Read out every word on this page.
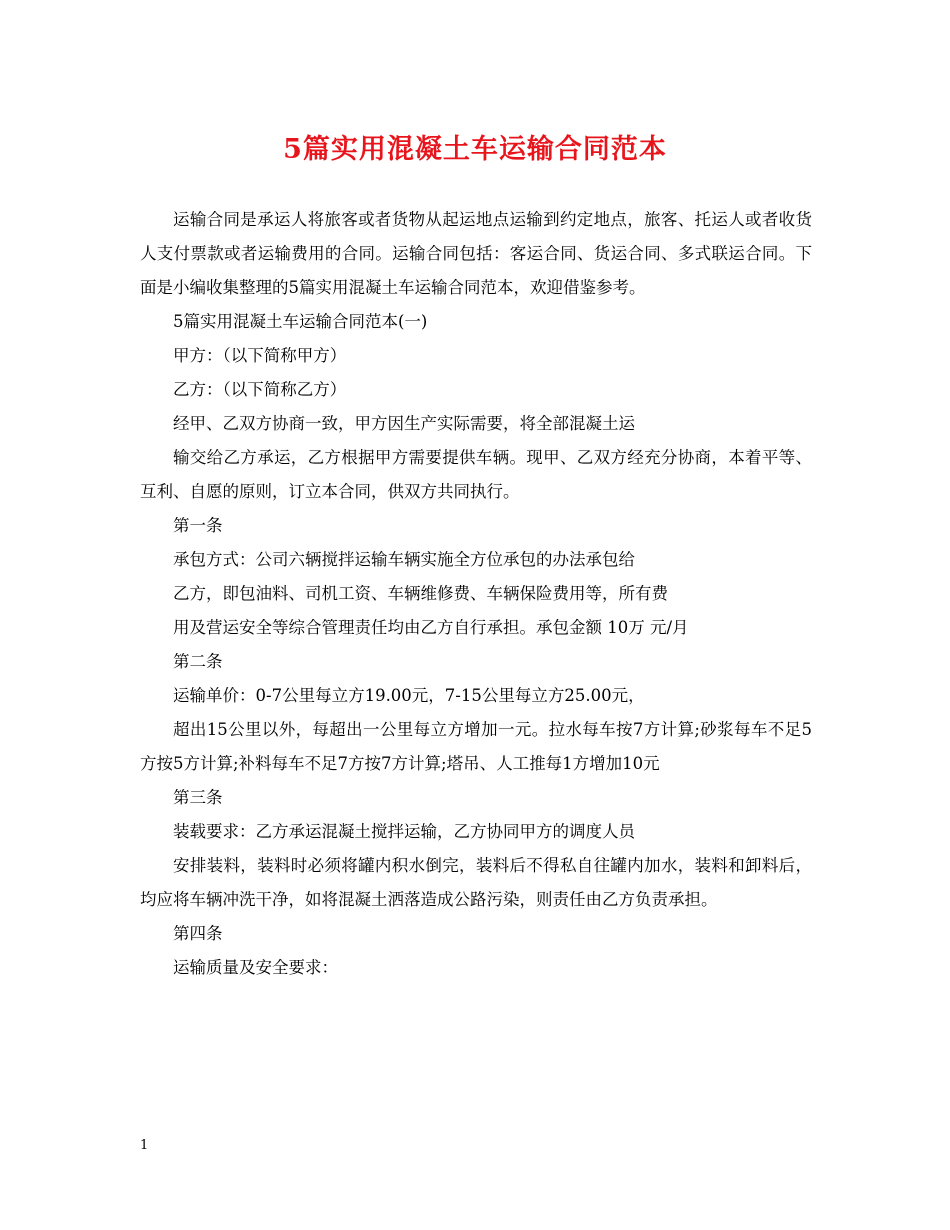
5篇实用混凝土车运输合同范本

运输合同是承运人将旅客或者货物从起运地点运输到约定地点，旅客、托运人或者收货人支付票款或者运输费用的合同。运输合同包括：客运合同、货运合同、多式联运合同。下面是小编收集整理的5篇实用混凝土车运输合同范本，欢迎借鉴参考。

5篇实用混凝土车运输合同范本(一)

甲方：（以下简称甲方）

乙方：（以下简称乙方）

经甲、乙双方协商一致，甲方因生产实际需要，将全部混凝土运

输交给乙方承运，乙方根据甲方需要提供车辆。现甲、乙双方经充分协商，本着平等、互利、自愿的原则，订立本合同，供双方共同执行。

第一条

承包方式：公司六辆搅拌运输车辆实施全方位承包的办法承包给

乙方，即包油料、司机工资、车辆维修费、车辆保险费用等，所有费

用及营运安全等综合管理责任均由乙方自行承担。承包金额 10万 元/月

第二条

运输单价：0-7公里每立方19.00元，7-15公里每立方25.00元，

超出15公里以外，每超出一公里每立方增加一元。拉水每车按7方计算;砂浆每车不足5方按5方计算;补料每车不足7方按7方计算;塔吊、人工推每1方增加10元

第三条

装载要求：乙方承运混凝土搅拌运输，乙方协同甲方的调度人员

安排装料，装料时必须将罐内积水倒完，装料后不得私自往罐内加水，装料和卸料后，均应将车辆冲洗干净，如将混凝土洒落造成公路污染，则责任由乙方负责承担。

第四条

运输质量及安全要求：

1
